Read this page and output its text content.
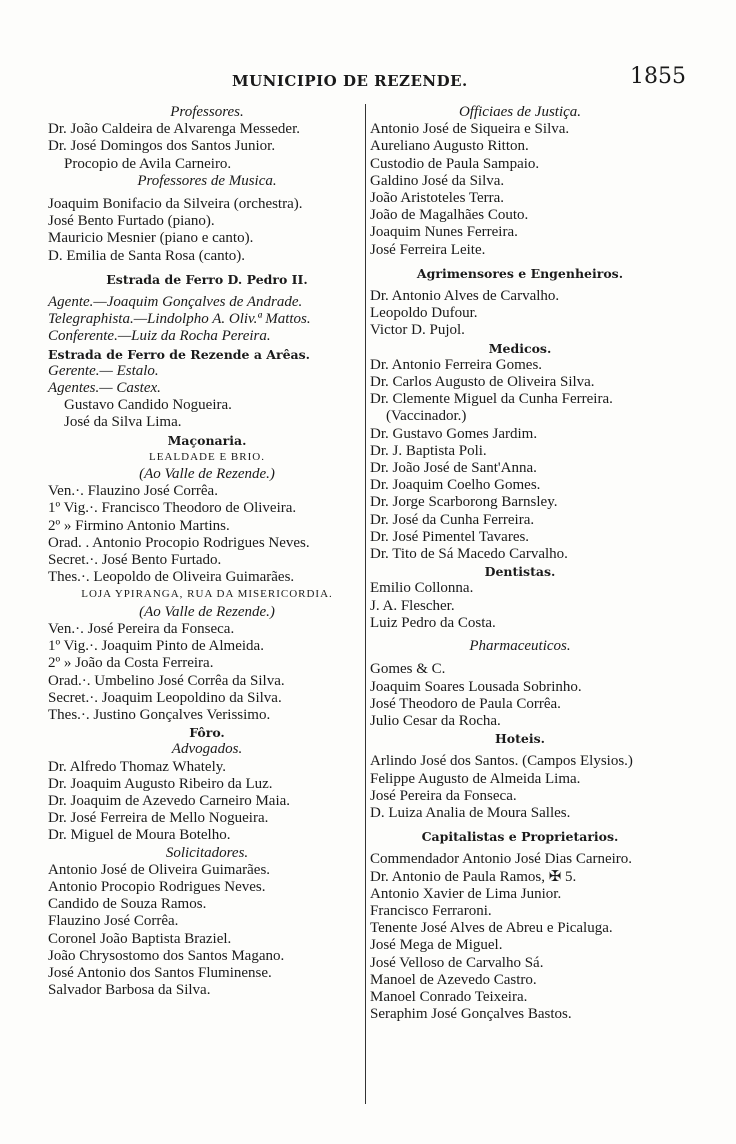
MUNICIPIO DE REZENDE.	1855
Professores.
Dr. João Caldeira de Alvarenga Messeder.
Dr. José Domingos dos Santos Junior.
Procopio de Avila Carneiro.
Professores de Musica.
Joaquim Bonifacio da Silveira (orchestra).
José Bento Furtado (piano).
Mauricio Mesnier (piano e canto).
D. Emilia de Santa Rosa (canto).
Estrada de Ferro D. Pedro II.
Agente.—Joaquim Gonçalves de Andrade.
Telegraphista.—Lindolpho A. Oliv.ª Mattos.
Conferente.—Luiz da Rocha Pereira.
Estrada de Ferro de Rezende a Arêas.
Gerente.— Estalo.
Agentes.— Castex.
Gustavo Candido Nogueira.
José da Silva Lima.
Maçonaria.
LEALDADE E BRIO.
(Ao Valle de Rezende.)
Ven.·. Flauzino José Corrêa.
1º Vig.·. Francisco Theodoro de Oliveira.
2º » Firmino Antonio Martins.
Orad. . Antonio Procopio Rodrigues Neves.
Secret.·. José Bento Furtado.
Thes.·. Leopoldo de Oliveira Guimarães.
LOJA YPIRANGA, RUA DA MISERICORDIA.
(Ao Valle de Rezende.)
Ven.·. José Pereira da Fonseca.
1º Vig.·. Joaquim Pinto de Almeida.
2º » João da Costa Ferreira.
Orad.·. Umbelino José Corrêa da Silva.
Secret.·. Joaquim Leopoldino da Silva.
Thes.·. Justino Gonçalves Verissimo.
Fôro.
Advogados.
Dr. Alfredo Thomaz Whately.
Dr. Joaquim Augusto Ribeiro da Luz.
Dr. Joaquim de Azevedo Carneiro Maia.
Dr. José Ferreira de Mello Nogueira.
Dr. Miguel de Moura Botelho.
Solicitadores.
Antonio José de Oliveira Guimarães.
Antonio Procopio Rodrigues Neves.
Candido de Souza Ramos.
Flauzino José Corrêa.
Coronel João Baptista Braziel.
João Chrysostomo dos Santos Magano.
José Antonio dos Santos Fluminense.
Salvador Barbosa da Silva.
Officiaes de Justiça.
Antonio José de Siqueira e Silva.
Aureliano Augusto Ritton.
Custodio de Paula Sampaio.
Galdino José da Silva.
João Aristoteles Terra.
João de Magalhães Couto.
Joaquim Nunes Ferreira.
José Ferreira Leite.
Agrimensores e Engenheiros.
Dr. Antonio Alves de Carvalho.
Leopoldo Dufour.
Victor D. Pujol.
Medicos.
Dr. Antonio Ferreira Gomes.
Dr. Carlos Augusto de Oliveira Silva.
Dr. Clemente Miguel da Cunha Ferreira.
(Vaccinador.)
Dr. Gustavo Gomes Jardim.
Dr. J. Baptista Poli.
Dr. João José de Sant'Anna.
Dr. Joaquim Coelho Gomes.
Dr. Jorge Scarborong Barnsley.
Dr. José da Cunha Ferreira.
Dr. José Pimentel Tavares.
Dr. Tito de Sá Macedo Carvalho.
Dentistas.
Emilio Collonna.
J. A. Flescher.
Luiz Pedro da Costa.
Pharmaceuticos.
Gomes & C.
Joaquim Soares Lousada Sobrinho.
José Theodoro de Paula Corrêa.
Julio Cesar da Rocha.
Hoteis.
Arlindo José dos Santos. (Campos Elysios.)
Felippe Augusto de Almeida Lima.
José Pereira da Fonseca.
D. Luiza Analia de Moura Salles.
Capitalistas e Proprietarios.
Commendador Antonio José Dias Carneiro.
Dr. Antonio de Paula Ramos, ✠ 5.
Antonio Xavier de Lima Junior.
Francisco Ferraroni.
Tenente José Alves de Abreu e Picaluga.
José Mega de Miguel.
José Velloso de Carvalho Sá.
Manoel de Azevedo Castro.
Manoel Conrado Teixeira.
Seraphim José Gonçalves Bastos.
